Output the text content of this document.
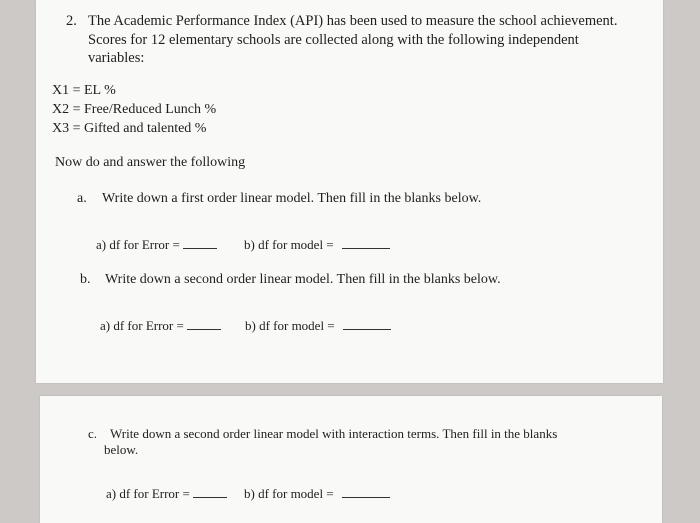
2. The Academic Performance Index (API) has been used to measure the school achievement.
Scores for 12 elementary schools are collected along with the following independent
variables:
X1 = EL %
X2 = Free/Reduced Lunch %
X3 = Gifted and talented %
Now do and answer the following
a. Write down a first order linear model. Then fill in the blanks below.
a) df for Error =	b) df for model =
b. Write down a second order linear model. Then fill in the blanks below.
a) df for Error =	b) df for model =
c. Write down a second order linear model with interaction terms. Then fill in the blanks
below.
a) df for Error =	b) df for model =
